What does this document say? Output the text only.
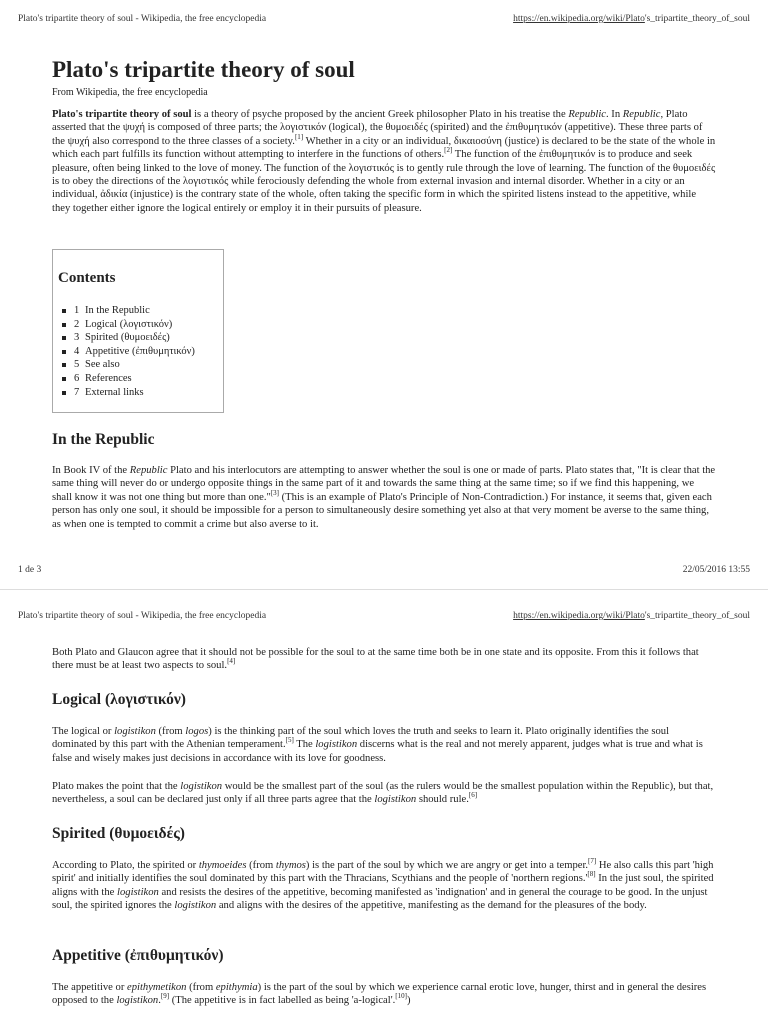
Plato's tripartite theory of soul - Wikipedia, the free encyclopedia	https://en.wikipedia.org/wiki/Plato's_tripartite_theory_of_soul
Plato's tripartite theory of soul
From Wikipedia, the free encyclopedia

Plato's tripartite theory of soul is a theory of psyche proposed by the ancient Greek philosopher Plato in his treatise the Republic. In Republic, Plato asserted that the ψυχή is composed of three parts; the λογιστικόν (logical), the θυμοειδές (spirited) and the ἐπιθυμητικόν (appetitive). These three parts of the ψυχή also correspond to the three classes of a society.[1] Whether in a city or an individual, δικαιοσύνη (justice) is declared to be the state of the whole in which each part fulfills its function without attempting to interfere in the functions of others.[2] The function of the ἐπιθυμητικόν is to produce and seek pleasure, often being linked to the love of money. The function of the λογιστικός is to gently rule through the love of learning. The function of the θυμοειδές is to obey the directions of the λογιστικός while ferociously defending the whole from external invasion and internal disorder. Whether in a city or an individual, ἀδικία (injustice) is the contrary state of the whole, often taking the specific form in which the spirited listens instead to the appetitive, while they together either ignore the logical entirely or employ it in their pursuits of pleasure.

Contents
1 In the Republic
2 Logical (λογιστικόν)
3 Spirited (θυμοειδές)
4 Appetitive (ἐπιθυμητικόν)
5 See also
6 References
7 External links
In the Republic

In Book IV of the Republic Plato and his interlocutors are attempting to answer whether the soul is one or made of parts. Plato states that, "It is clear that the same thing will never do or undergo opposite things in the same part of it and towards the same thing at the same time; so if we find this happening, we shall know it was not one thing but more than one."[3] (This is an example of Plato's Principle of Non-Contradiction.) For instance, it seems that, given each person has only one soul, it should be impossible for a person to simultaneously desire something yet also at that very moment be averse to the same thing, as when one is tempted to commit a crime but also averse to it.

1 de 3	22/05/2016 13:55
Plato's tripartite theory of soul - Wikipedia, the free encyclopedia	https://en.wikipedia.org/wiki/Plato's_tripartite_theory_of_soul

Both Plato and Glaucon agree that it should not be possible for the soul to at the same time both be in one state and its opposite. From this it follows that there must be at least two aspects to soul.[4]

Logical (λογιστικόν)

The logical or logistikon (from logos) is the thinking part of the soul which loves the truth and seeks to learn it. Plato originally identifies the soul dominated by this part with the Athenian temperament.[5] The logistikon discerns what is the real and not merely apparent, judges what is true and what is false and wisely makes just decisions in accordance with its love for goodness.

Plato makes the point that the logistikon would be the smallest part of the soul (as the rulers would be the smallest population within the Republic), but that, nevertheless, a soul can be declared just only if all three parts agree that the logistikon should rule.[6]

Spirited (θυμοειδές)

According to Plato, the spirited or thymoeides (from thymos) is the part of the soul by which we are angry or get into a temper.[7] He also calls this part 'high spirit' and initially identifies the soul dominated by this part with the Thracians, Scythians and the people of 'northern regions.'[8] In the just soul, the spirited aligns with the logistikon and resists the desires of the appetitive, becoming manifested as 'indignation' and in general the courage to be good. In the unjust soul, the spirited ignores the logistikon and aligns with the desires of the appetitive, manifesting as the demand for the pleasures of the body.

Appetitive (ἐπιθυμητικόν)

The appetitive or epithymetikon (from epithymia) is the part of the soul by which we experience carnal erotic love, hunger, thirst and in general the desires opposed to the logistikon.[9] (The appetitive is in fact labelled as being 'a-logical'.[10])
